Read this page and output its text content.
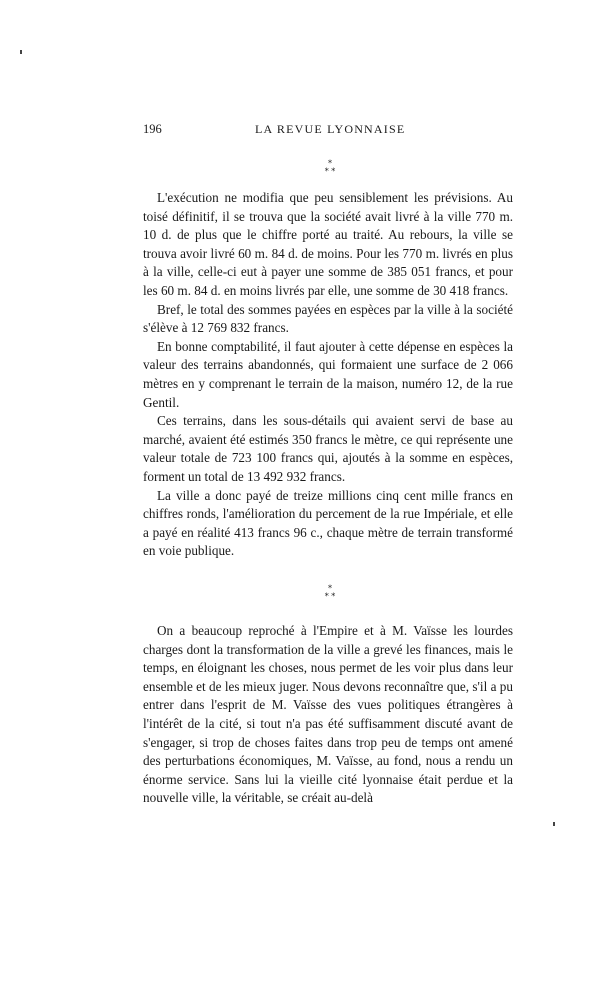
196	LA REVUE LYONNAISE
*
* *

L'exécution ne modifia que peu sensiblement les prévisions. Au toisé définitif, il se trouva que la société avait livré à la ville 770 m. 10 d. de plus que le chiffre porté au traité. Au rebours, la ville se trouva avoir livré 60 m. 84 d. de moins. Pour les 770 m. livrés en plus à la ville, celle-ci eut à payer une somme de 385 051 francs, et pour les 60 m. 84 d. en moins livrés par elle, une somme de 30 418 francs.

Bref, le total des sommes payées en espèces par la ville à la société s'élève à 12 769 832 francs.

En bonne comptabilité, il faut ajouter à cette dépense en espèces la valeur des terrains abandonnés, qui formaient une surface de 2 066 mètres en y comprenant le terrain de la maison, numéro 12, de la rue Gentil.

Ces terrains, dans les sous-détails qui avaient servi de base au marché, avaient été estimés 350 francs le mètre, ce qui représente une valeur totale de 723 100 francs qui, ajoutés à la somme en espèces, forment un total de 13 492 932 francs.

La ville a donc payé de treize millions cinq cent mille francs en chiffres ronds, l'amélioration du percement de la rue Impériale, et elle a payé en réalité 413 francs 96 c., chaque mètre de terrain transformé en voie publique.

*
* *

On a beaucoup reproché à l'Empire et à M. Vaïsse les lourdes charges dont la transformation de la ville a grevé les finances, mais le temps, en éloignant les choses, nous permet de les voir plus dans leur ensemble et de les mieux juger. Nous devons reconnaître que, s'il a pu entrer dans l'esprit de M. Vaïsse des vues politiques étrangères à l'intérêt de la cité, si tout n'a pas été suffisamment discuté avant de s'engager, si trop de choses faites dans trop peu de temps ont amené des perturbations économiques, M. Vaïsse, au fond, nous a rendu un énorme service. Sans lui la vieille cité lyonnaise était perdue et la nouvelle ville, la véritable, se créait au-delà
